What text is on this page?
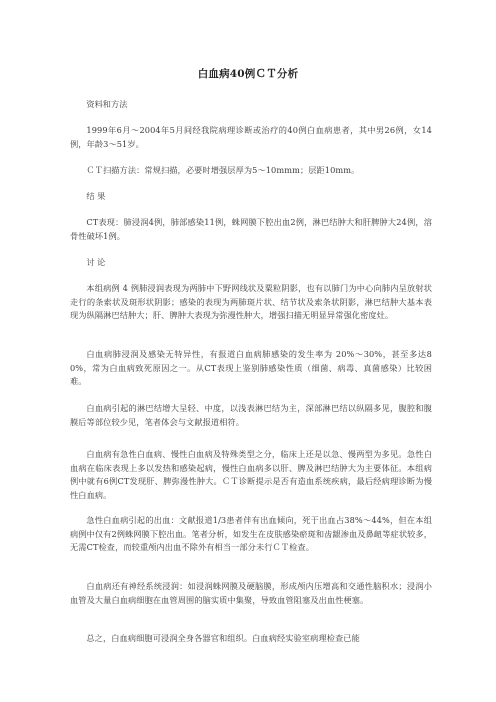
白血病40例ＣＴ分析
资料和方法
1999年6月～2004年5月间经我院病理诊断或治疗的40例白血病患者，其中男26例，女14例，年龄3～51岁。
ＣＴ扫描方法：常规扫描，必要时增强层厚为5～10mmm；层距10mm。
结 果
CT表现：肺浸润4例，肺部感染11例，蛛网膜下腔出血2例，淋巴结肿大和肝脾肿大24例，溶骨性破坏1例。
讨 论
本组病例 4 例肺浸润表现为两肺中下野网线状及粟粒阴影，也有以肺门为中心向肺内呈放射状走行的条索状及斑形状阴影；感染的表现为两肺斑片状、结节状及索条状阴影，淋巴结肿大基本表现为纵隔淋巴结肿大；肝、脾肿大表现为弥漫性肿大，增强扫描无明显异常强化密度灶。
白血病肺浸润及感染无特异性，有报道白血病肺感染的发生率为 20%～30%，甚至多达80%，常为白血病致死原因之一。从CT表现上鉴别肺感染性质（细菌、病毒、真菌感染）比较困难。
白血病引起的淋巴结增大呈轻、中度，以浅表淋巴结为主，深部淋巴结以纵隔多见，腹腔和腹膜后等部位较少见，笔者体会与文献报道相符。
白血病有急性白血病、慢性白血病及特殊类型之分，临床上还是以急、慢两型为多见。急性白血病在临床表现上多以发热和感染起病，慢性白血病多以肝、脾及淋巴结肿大为主要体征。本组病例中就有6例CT发现肝、脾弥漫性肿大。ＣＴ诊断提示是否有造血系统疾病，最后经病理诊断为慢性白血病。
急性白血病引起的出血：文献报道1/3患者伴有出血倾向，死于出血占38%～44%，但在本组病例中仅有2例蛛网膜下腔出血。笔者分析，如发生在皮肤感染瘀斑和齿龈渗血及鼻衄等症状较多，无需CT检查，而较重颅内出血不除外有相当一部分未行ＣＴ检查。
白血病还有神经系统浸润：如浸润蛛网膜及硬脑膜，形成颅内压增高和交通性脑积水；浸润小血管及大量白血病细胞在血管周围的脑实质中集聚，导致血管阻塞及出血性梗塞。
总之，白血病细胞可浸润全身各器官和组织。白血病经实验室病理检查已能
